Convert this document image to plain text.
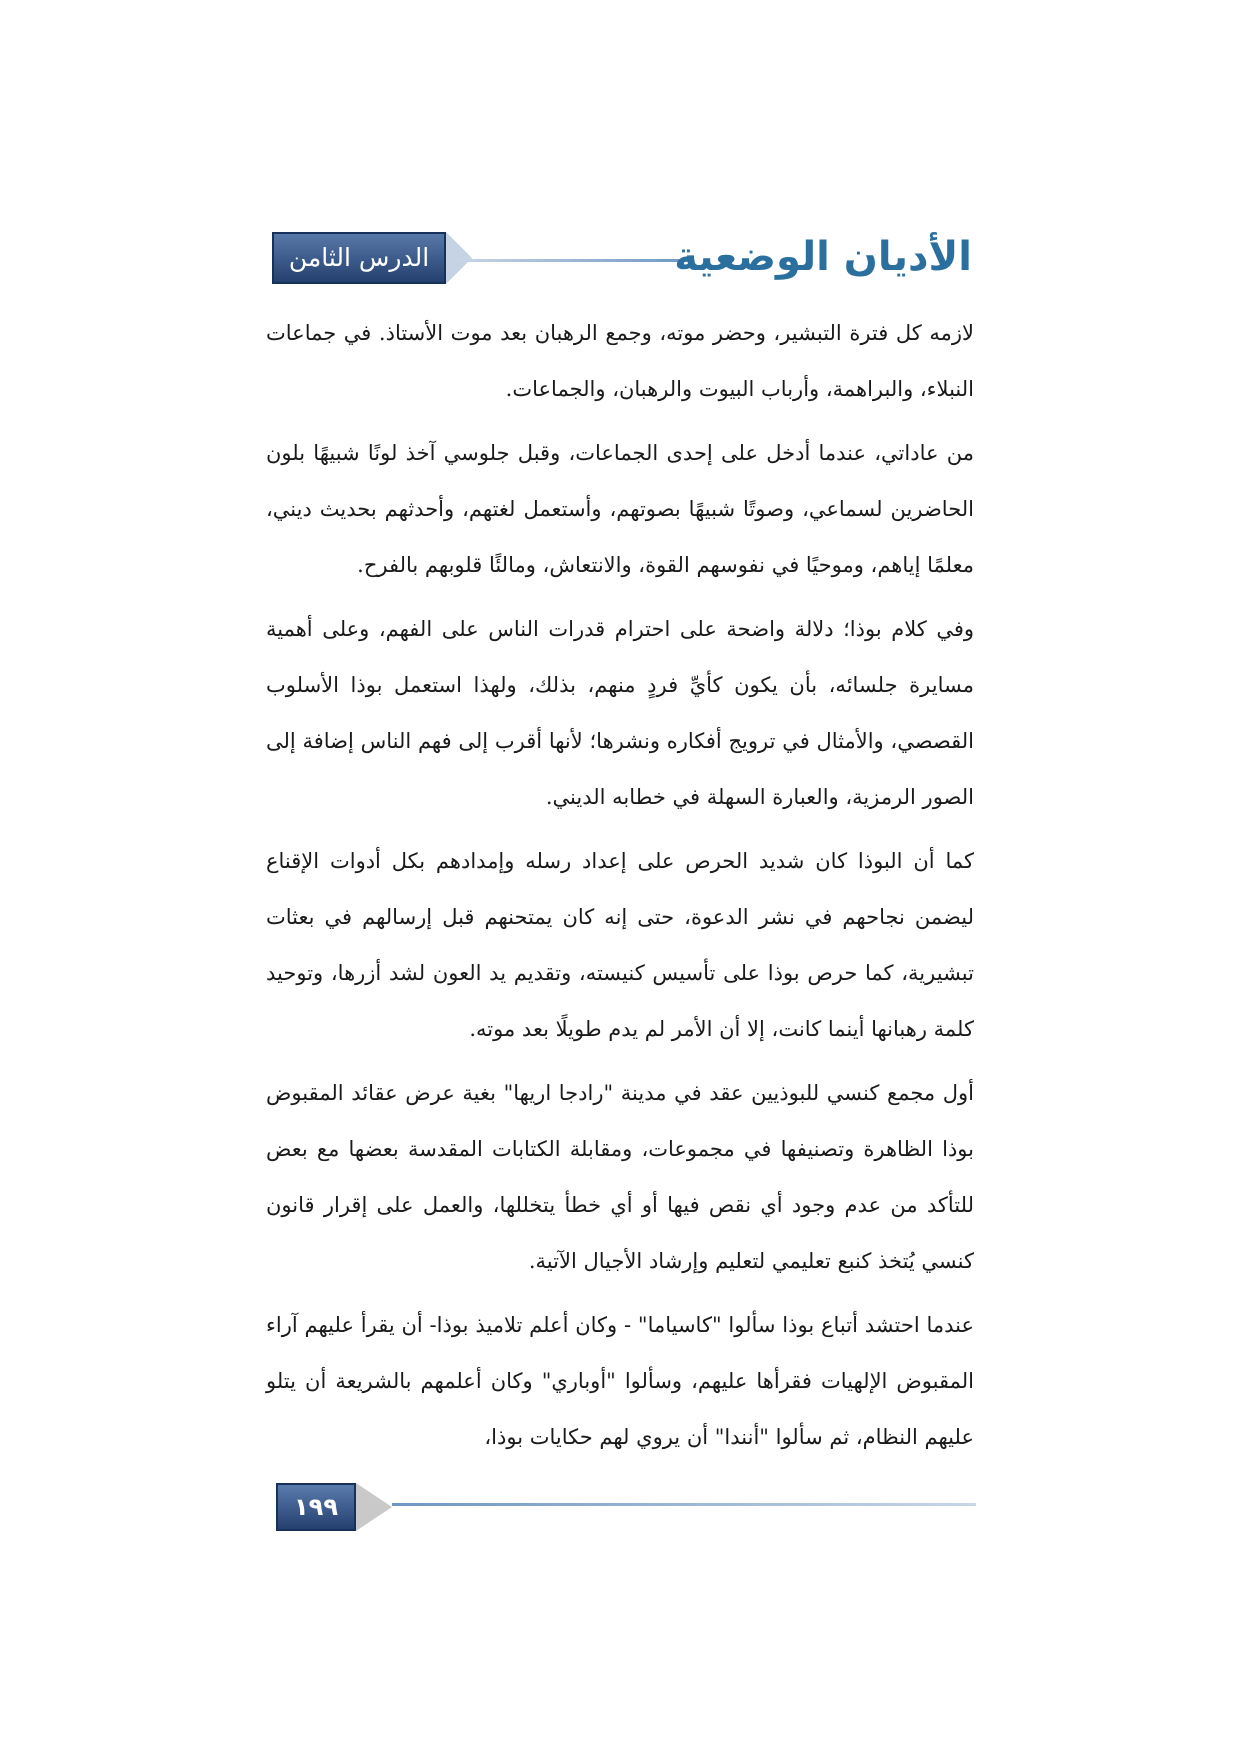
الدرس الثامن	الأديان الوضعية

لازمه كل فترة التبشير، وحضر موته، وجمع الرهبان بعد موت الأستاذ. في جماعات النبلاء، والبراهمة، وأرباب البيوت والرهبان، والجماعات.

من عاداتي، عندما أدخل على إحدى الجماعات، وقبل جلوسي آخذ لونًا شبيهًا بلون الحاضرين لسماعي، وصوتًا شبيهًا بصوتهم، وأستعمل لغتهم، وأحدثهم بحديث ديني، معلمًا إياهم، وموحيًا في نفوسهم القوة، والانتعاش، ومالئًا قلوبهم بالفرح.

وفي كلام بوذا؛ دلالة واضحة على احترام قدرات الناس على الفهم، وعلى أهمية مسايرة جلسائه، بأن يكون كأيِّ فردٍ منهم، بذلك، ولهذا استعمل بوذا الأسلوب القصصي، والأمثال في ترويج أفكاره ونشرها؛ لأنها أقرب إلى فهم الناس إضافة إلى الصور الرمزية، والعبارة السهلة في خطابه الديني.

كما أن البوذا كان شديد الحرص على إعداد رسله وإمدادهم بكل أدوات الإقناع ليضمن نجاحهم في نشر الدعوة، حتى إنه كان يمتحنهم قبل إرسالهم في بعثات تبشيرية، كما حرص بوذا على تأسيس كنيسته، وتقديم يد العون لشد أزرها، وتوحيد كلمة رهبانها أينما كانت، إلا أن الأمر لم يدم طويلًا بعد موته.

أول مجمع كنسي للبوذيين عقد في مدينة "رادجا اريها" بغية عرض عقائد المقبوض بوذا الظاهرة وتصنيفها في مجموعات، ومقابلة الكتابات المقدسة بعضها مع بعض للتأكد من عدم وجود أي نقص فيها أو أي خطأ يتخللها، والعمل على إقرار قانون كنسي يُتخذ كنبع تعليمي لتعليم وإرشاد الأجيال الآتية.

عندما احتشد أتباع بوذا سألوا "كاسياما" - وكان أعلم تلاميذ بوذا- أن يقرأ عليهم آراء المقبوض الإلهيات فقرأها عليهم، وسألوا "أوباري" وكان أعلمهم بالشريعة أن يتلو عليهم النظام، ثم سألوا "أنندا" أن يروي لهم حكايات بوذا،

١٩٩
